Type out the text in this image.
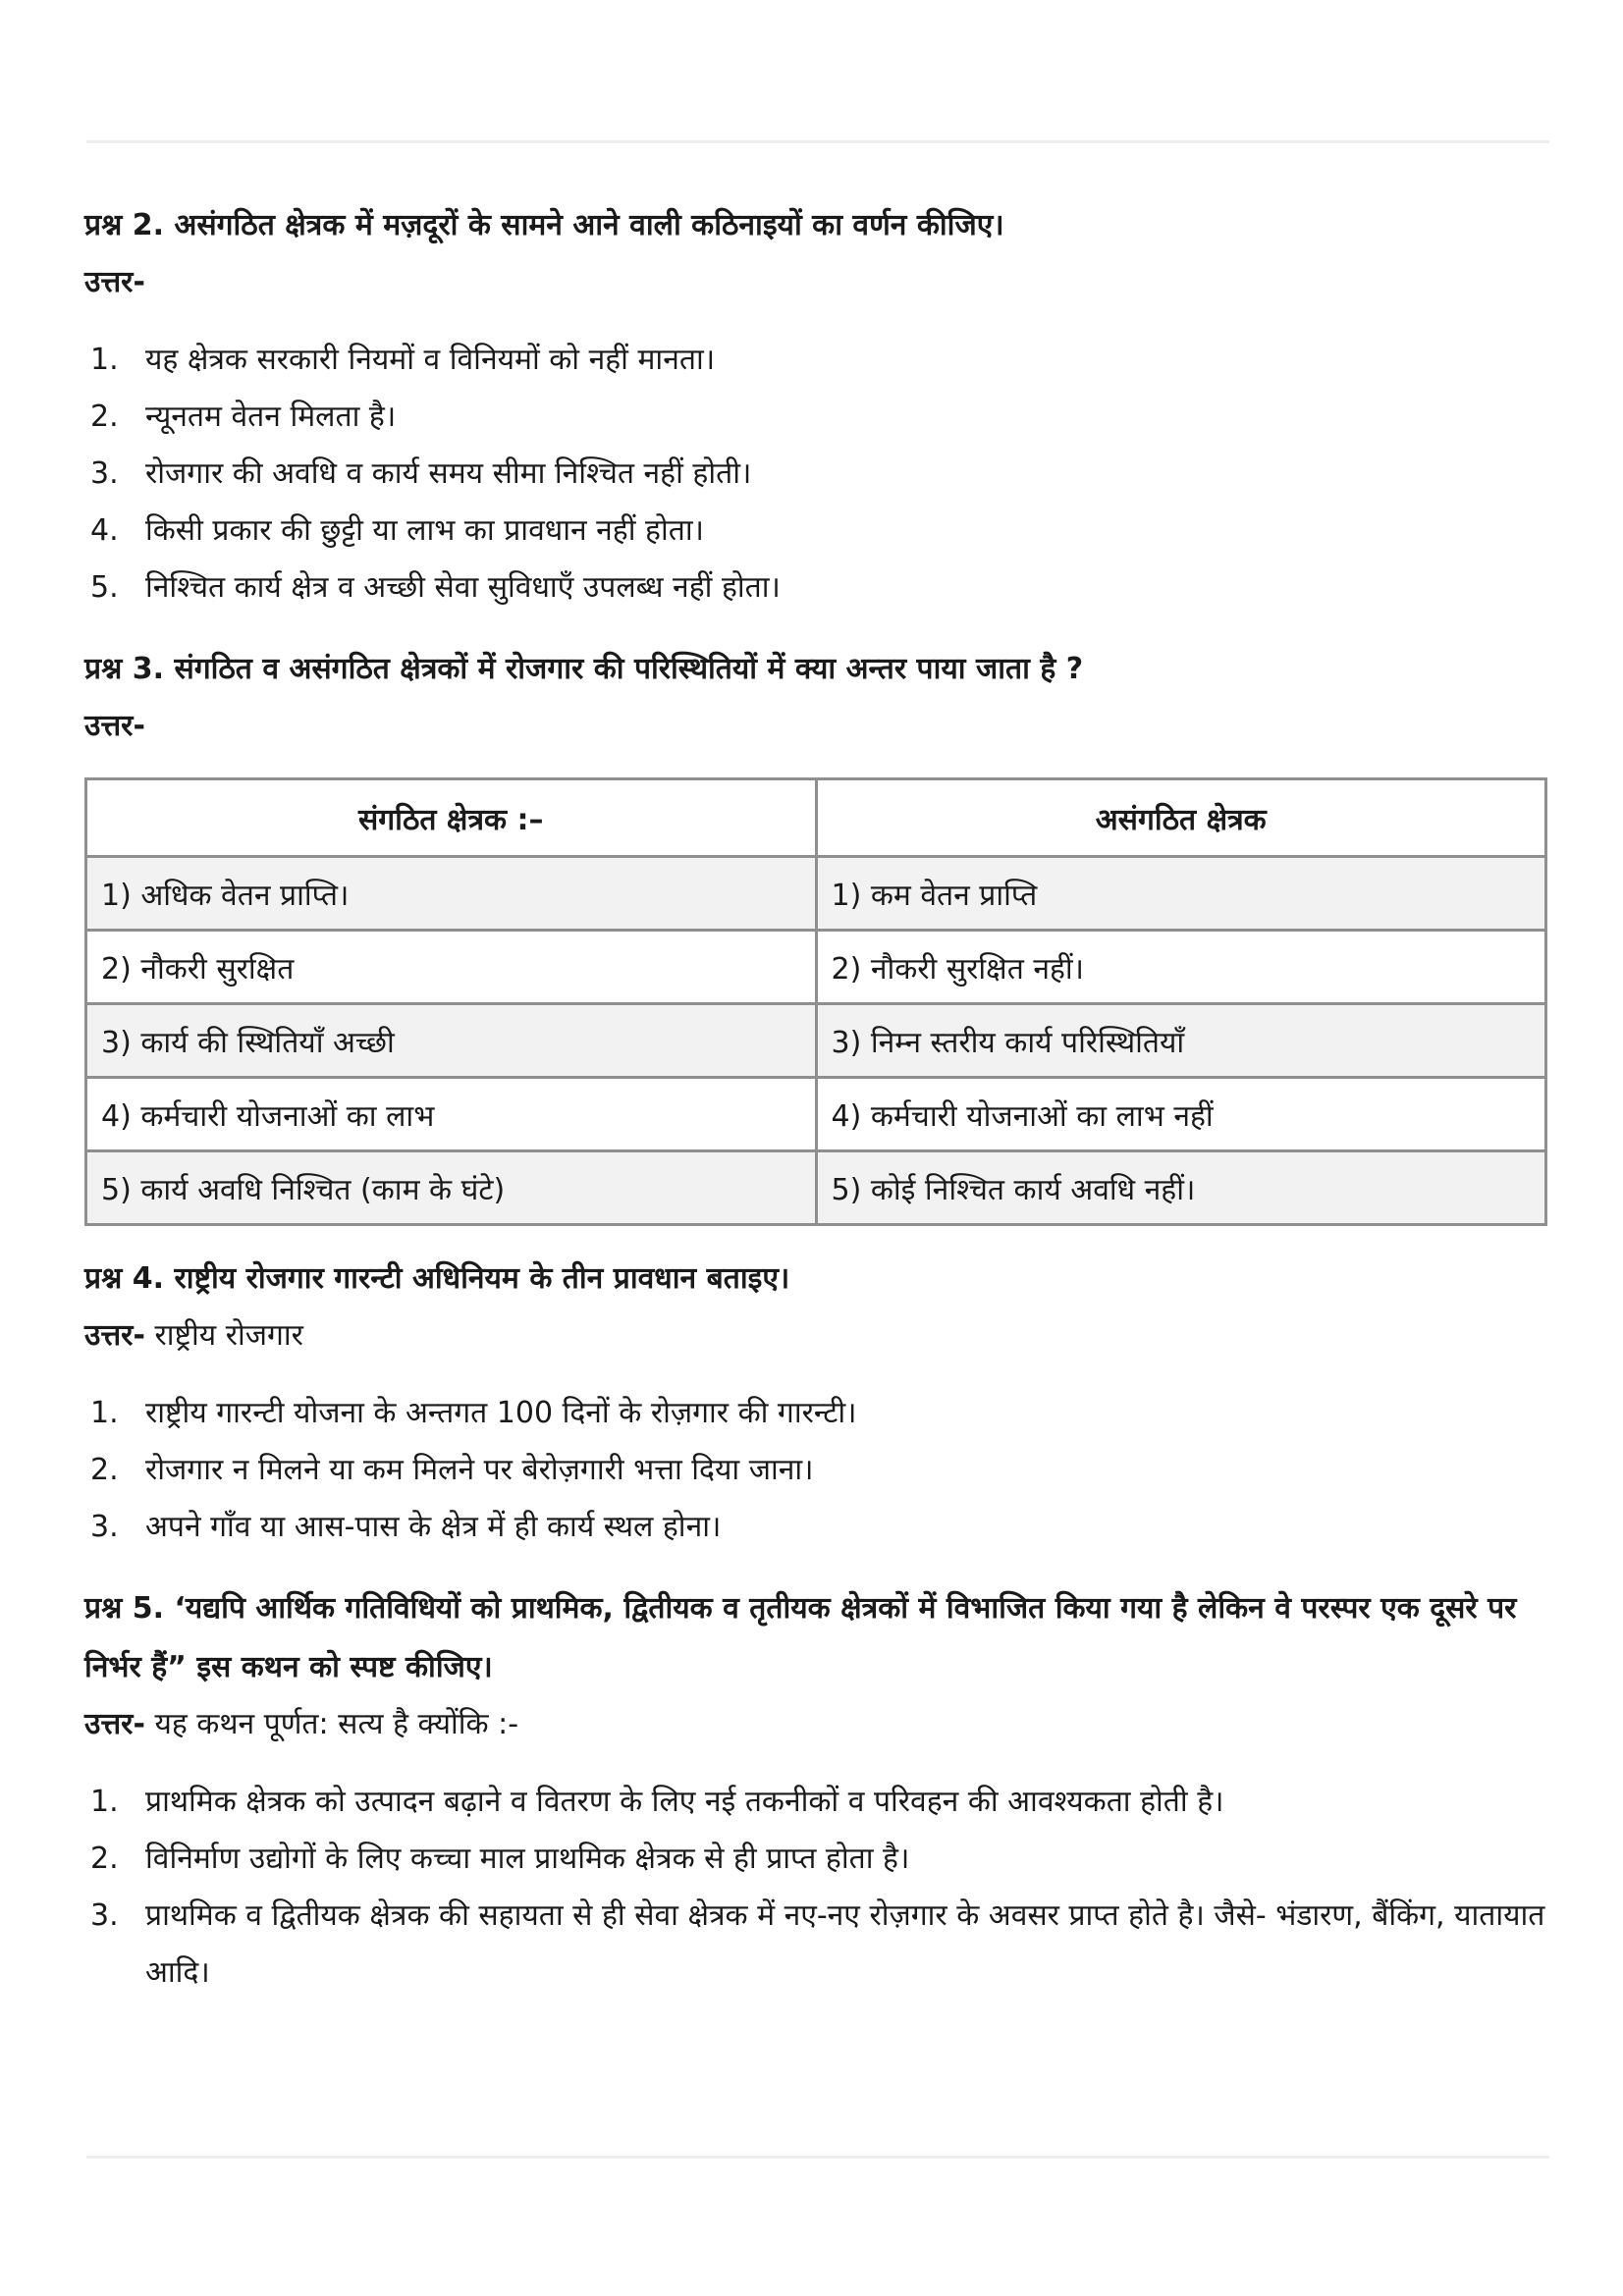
प्रश्न 2. असंगठित क्षेत्रक में मज़दूरों के सामने आने वाली कठिनाइयों का वर्णन कीजिए।

उत्तर-

1. यह क्षेत्रक सरकारी नियमों व विनियमों को नहीं मानता।
2. न्यूनतम वेतन मिलता है।
3. रोजगार की अवधि व कार्य समय सीमा निश्चित नहीं होती।
4. किसी प्रकार की छुट्टी या लाभ का प्रावधान नहीं होता।
5. निश्चित कार्य क्षेत्र व अच्छी सेवा सुविधाएँ उपलब्ध नहीं होता।

प्रश्न 3. संगठित व असंगठित क्षेत्रकों में रोजगार की परिस्थितियों में क्या अन्तर पाया जाता है ?

उत्तर-

संगठित क्षेत्रक :–	असंगठित क्षेत्रक
1) अधिक वेतन प्राप्ति।	1) कम वेतन प्राप्ति
2) नौकरी सुरक्षित	2) नौकरी सुरक्षित नहीं।
3) कार्य की स्थितियाँ अच्छी	3) निम्न स्तरीय कार्य परिस्थितियाँ
4) कर्मचारी योजनाओं का लाभ	4) कर्मचारी योजनाओं का लाभ नहीं
5) कार्य अवधि निश्चित (काम के घंटे)	5) कोई निश्चित कार्य अवधि नहीं।

प्रश्न 4. राष्ट्रीय रोजगार गारन्टी अधिनियम के तीन प्रावधान बताइए।

उत्तर- राष्ट्रीय रोजगार

1. राष्ट्रीय गारन्टी योजना के अन्तगत 100 दिनों के रोज़गार की गारन्टी।
2. रोजगार न मिलने या कम मिलने पर बेरोज़गारी भत्ता दिया जाना।
3. अपने गाँव या आस-पास के क्षेत्र में ही कार्य स्थल होना।

प्रश्न 5. ‘यद्यपि आर्थिक गतिविधियों को प्राथमिक, द्वितीयक व तृतीयक क्षेत्रकों में विभाजित किया गया है लेकिन वे परस्पर एक दूसरे पर निर्भर हैं” इस कथन को स्पष्ट कीजिए।

उत्तर- यह कथन पूर्णत: सत्य है क्योंकि :-

1. प्राथमिक क्षेत्रक को उत्पादन बढ़ाने व वितरण के लिए नई तकनीकों व परिवहन की आवश्यकता होती है।
2. विनिर्माण उद्योगों के लिए कच्चा माल प्राथमिक क्षेत्रक से ही प्राप्त होता है।
3. प्राथमिक व द्वितीयक क्षेत्रक की सहायता से ही सेवा क्षेत्रक में नए-नए रोज़गार के अवसर प्राप्त होते है। जैसे- भंडारण, बैंकिंग, यातायात आदि।
